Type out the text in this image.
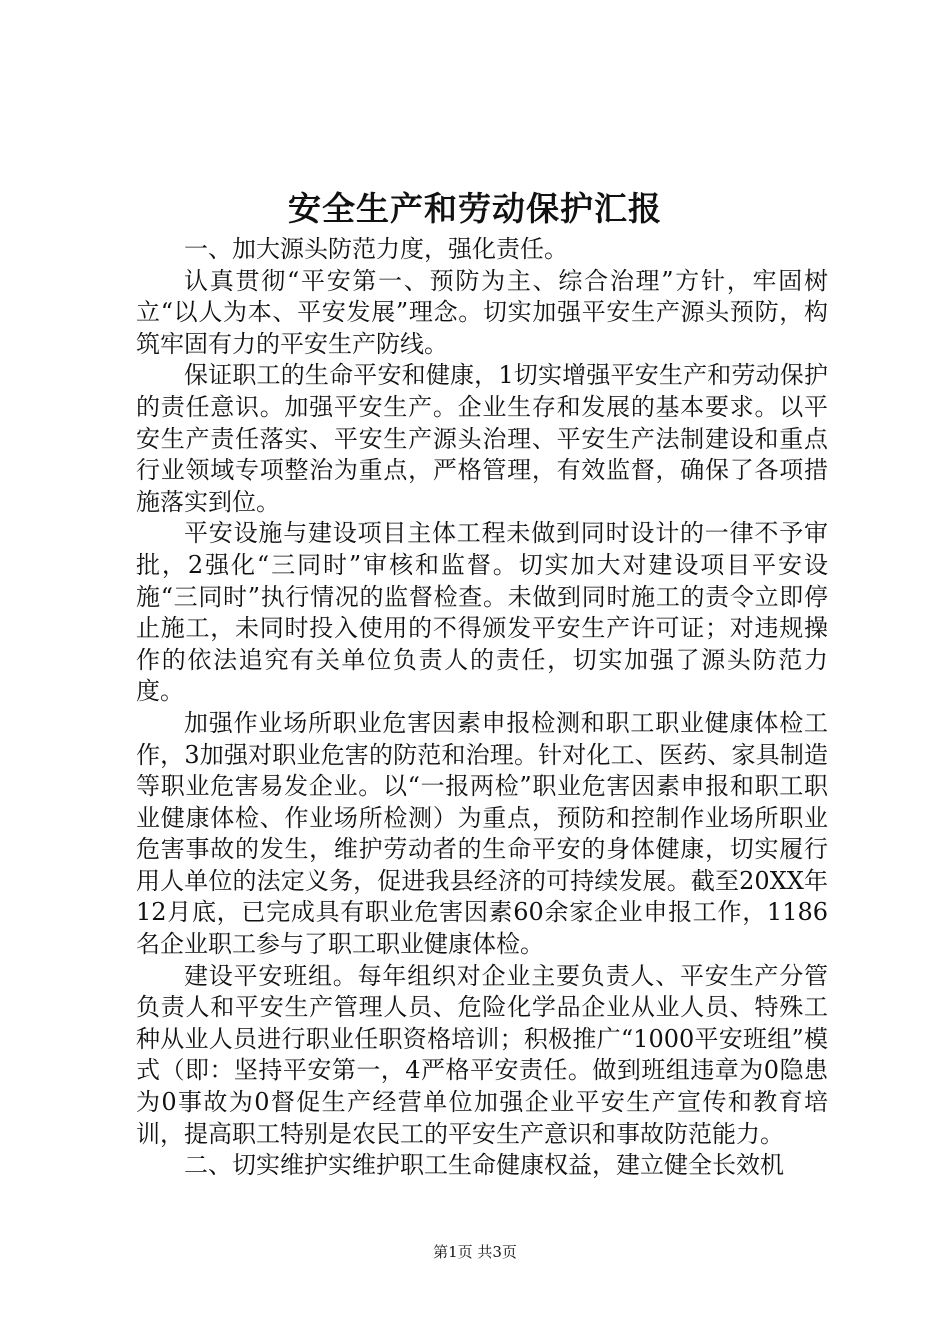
安全生产和劳动保护汇报

一、加大源头防范力度，强化责任。

认真贯彻“平安第一、预防为主、综合治理”方针，牢固树立“以人为本、平安发展”理念。切实加强平安生产源头预防，构筑牢固有力的平安生产防线。

保证职工的生命平安和健康，1切实增强平安生产和劳动保护的责任意识。加强平安生产。企业生存和发展的基本要求。以平安生产责任落实、平安生产源头治理、平安生产法制建设和重点行业领域专项整治为重点，严格管理，有效监督，确保了各项措施落实到位。

平安设施与建设项目主体工程未做到同时设计的一律不予审批，2强化“三同时”审核和监督。切实加大对建设项目平安设施“三同时”执行情况的监督检查。未做到同时施工的责令立即停止施工，未同时投入使用的不得颁发平安生产许可证；对违规操作的依法追究有关单位负责人的责任，切实加强了源头防范力度。

加强作业场所职业危害因素申报检测和职工职业健康体检工作，3加强对职业危害的防范和治理。针对化工、医药、家具制造等职业危害易发企业。以“一报两检”职业危害因素申报和职工职业健康体检、作业场所检测）为重点，预防和控制作业场所职业危害事故的发生，维护劳动者的生命平安的身体健康，切实履行用人单位的法定义务，促进我县经济的可持续发展。截至20XX年12月底，已完成具有职业危害因素60余家企业申报工作，1186名企业职工参与了职工职业健康体检。

建设平安班组。每年组织对企业主要负责人、平安生产分管负责人和平安生产管理人员、危险化学品企业从业人员、特殊工种从业人员进行职业任职资格培训；积极推广“1000平安班组”模式（即：坚持平安第一，4严格平安责任。做到班组违章为0隐患为0事故为0督促生产经营单位加强企业平安生产宣传和教育培训，提高职工特别是农民工的平安生产意识和事故防范能力。

二、切实维护实维护职工生命健康权益，建立健全长效机

第1页 共3页
